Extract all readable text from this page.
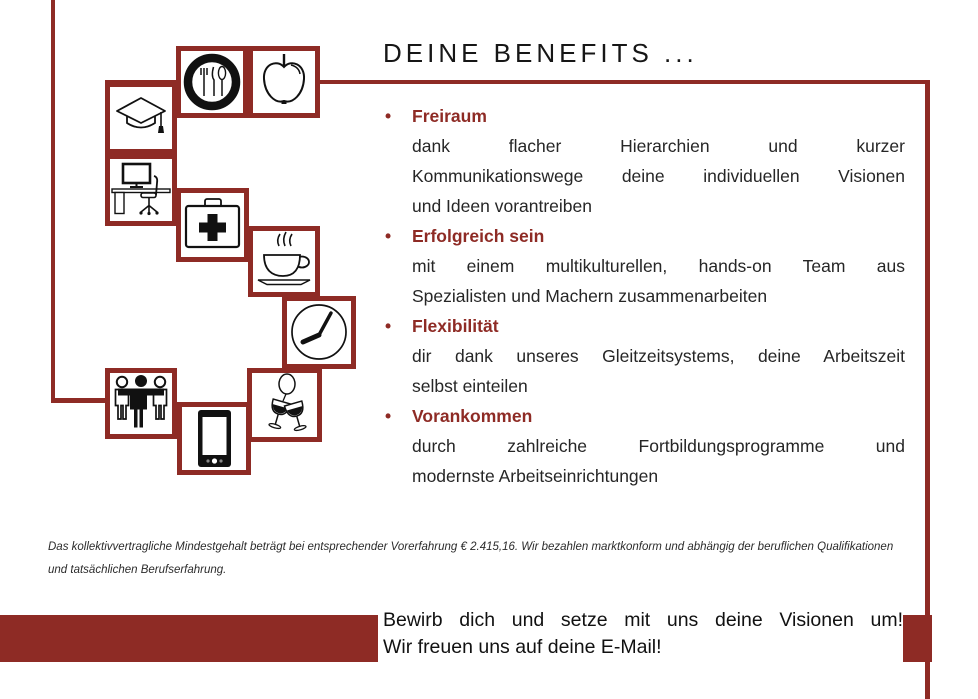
DEINE BENEFITS ...
•	Freiraum
dank flacher Hierarchien und kurzer
Kommunikationswege deine individuellen Visionen
und Ideen vorantreiben
•	Erfolgreich sein
mit einem multikulturellen, hands-on Team aus
Spezialisten und Machern zusammenarbeiten
•	Flexibilität
dir dank unseres Gleitzeitsystems, deine Arbeitszeit
selbst einteilen
•	Vorankommen
durch zahlreiche Fortbildungsprogramme und
modernste Arbeitseinrichtungen
Das kollektivvertragliche Mindestgehalt beträgt bei entsprechender Vorerfahrung € 2.415,16. Wir bezahlen marktkonform und abhängig der beruflichen Qualifikationen
und tatsächlichen Berufserfahrung.
Bewirb dich und setze mit uns deine Visionen um!
Wir freuen uns auf deine E-Mail!
